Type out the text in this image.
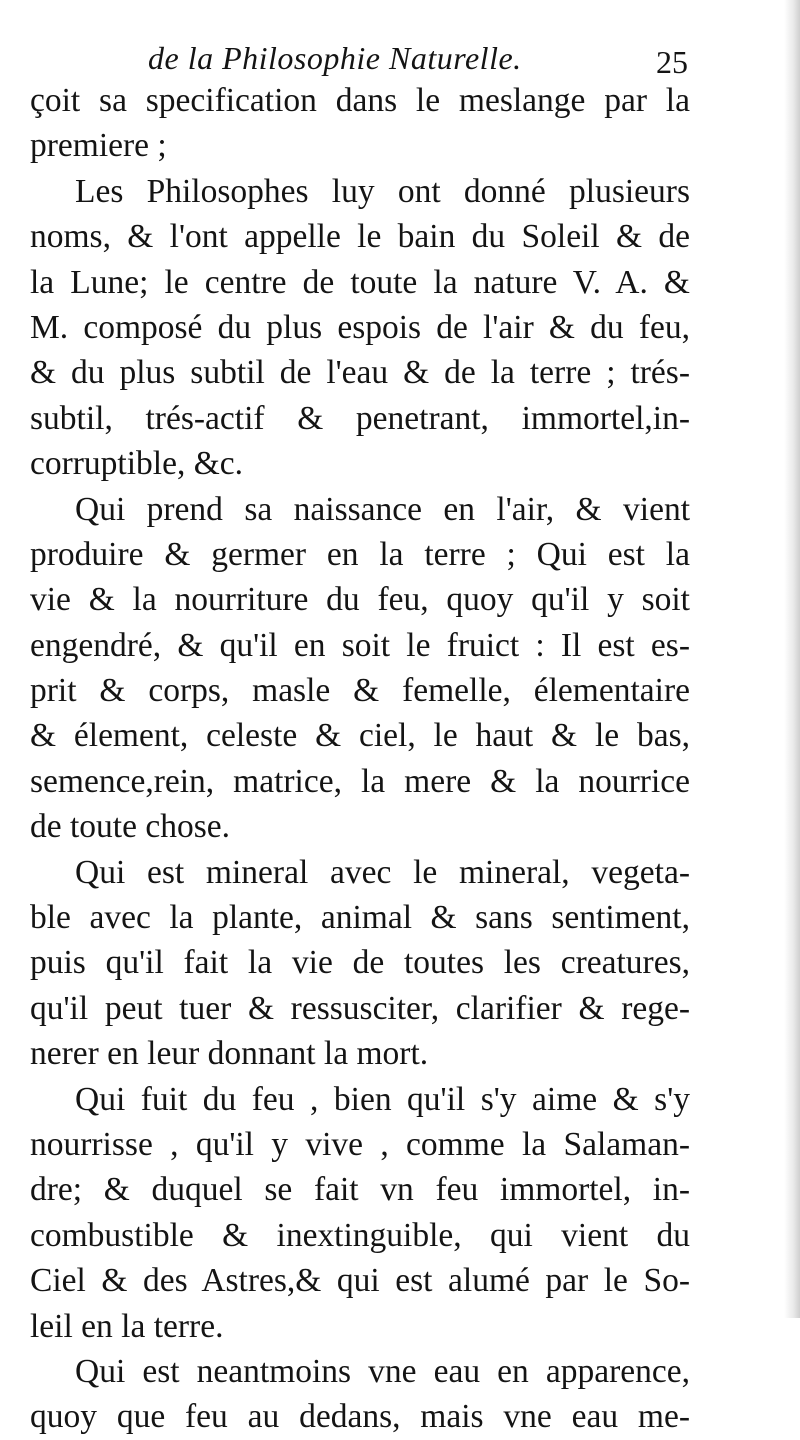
de la Philosophie Naturelle.	25
çoit sa specification dans le meslange par la
premiere ;
Les Philosophes luy ont donné plusieurs
noms, & l'ont appelle le bain du Soleil & de
la Lune; le centre de toute la nature V. A. &
M. composé du plus espois de l'air & du feu,
& du plus subtil de l'eau & de la terre ; trés-
subtil, trés-actif & penetrant, immortel,in-
corruptible, &c.
Qui prend sa naissance en l'air, & vient
produire & germer en la terre ; Qui est la
vie & la nourriture du feu, quoy qu'il y soit
engendré, & qu'il en soit le fruict : Il est es-
prit & corps, masle & femelle, élementaire
& élement, celeste & ciel, le haut & le bas,
semence,rein, matrice, la mere & la nourrice
de toute chose.
Qui est mineral avec le mineral, vegeta-
ble avec la plante, animal & sans sentiment,
puis qu'il fait la vie de toutes les creatures,
qu'il peut tuer & ressusciter, clarifier & rege-
nerer en leur donnant la mort.
Qui fuit du feu , bien qu'il s'y aime & s'y
nourrisse , qu'il y vive , comme la Salaman-
dre; & duquel se fait vn feu immortel, in-
combustible & inextinguible, qui vient du
Ciel & des Astres,& qui est alumé par le So-
leil en la terre.
Qui est neantmoins vne eau en apparence,
quoy que feu au dedans, mais vne eau me-
